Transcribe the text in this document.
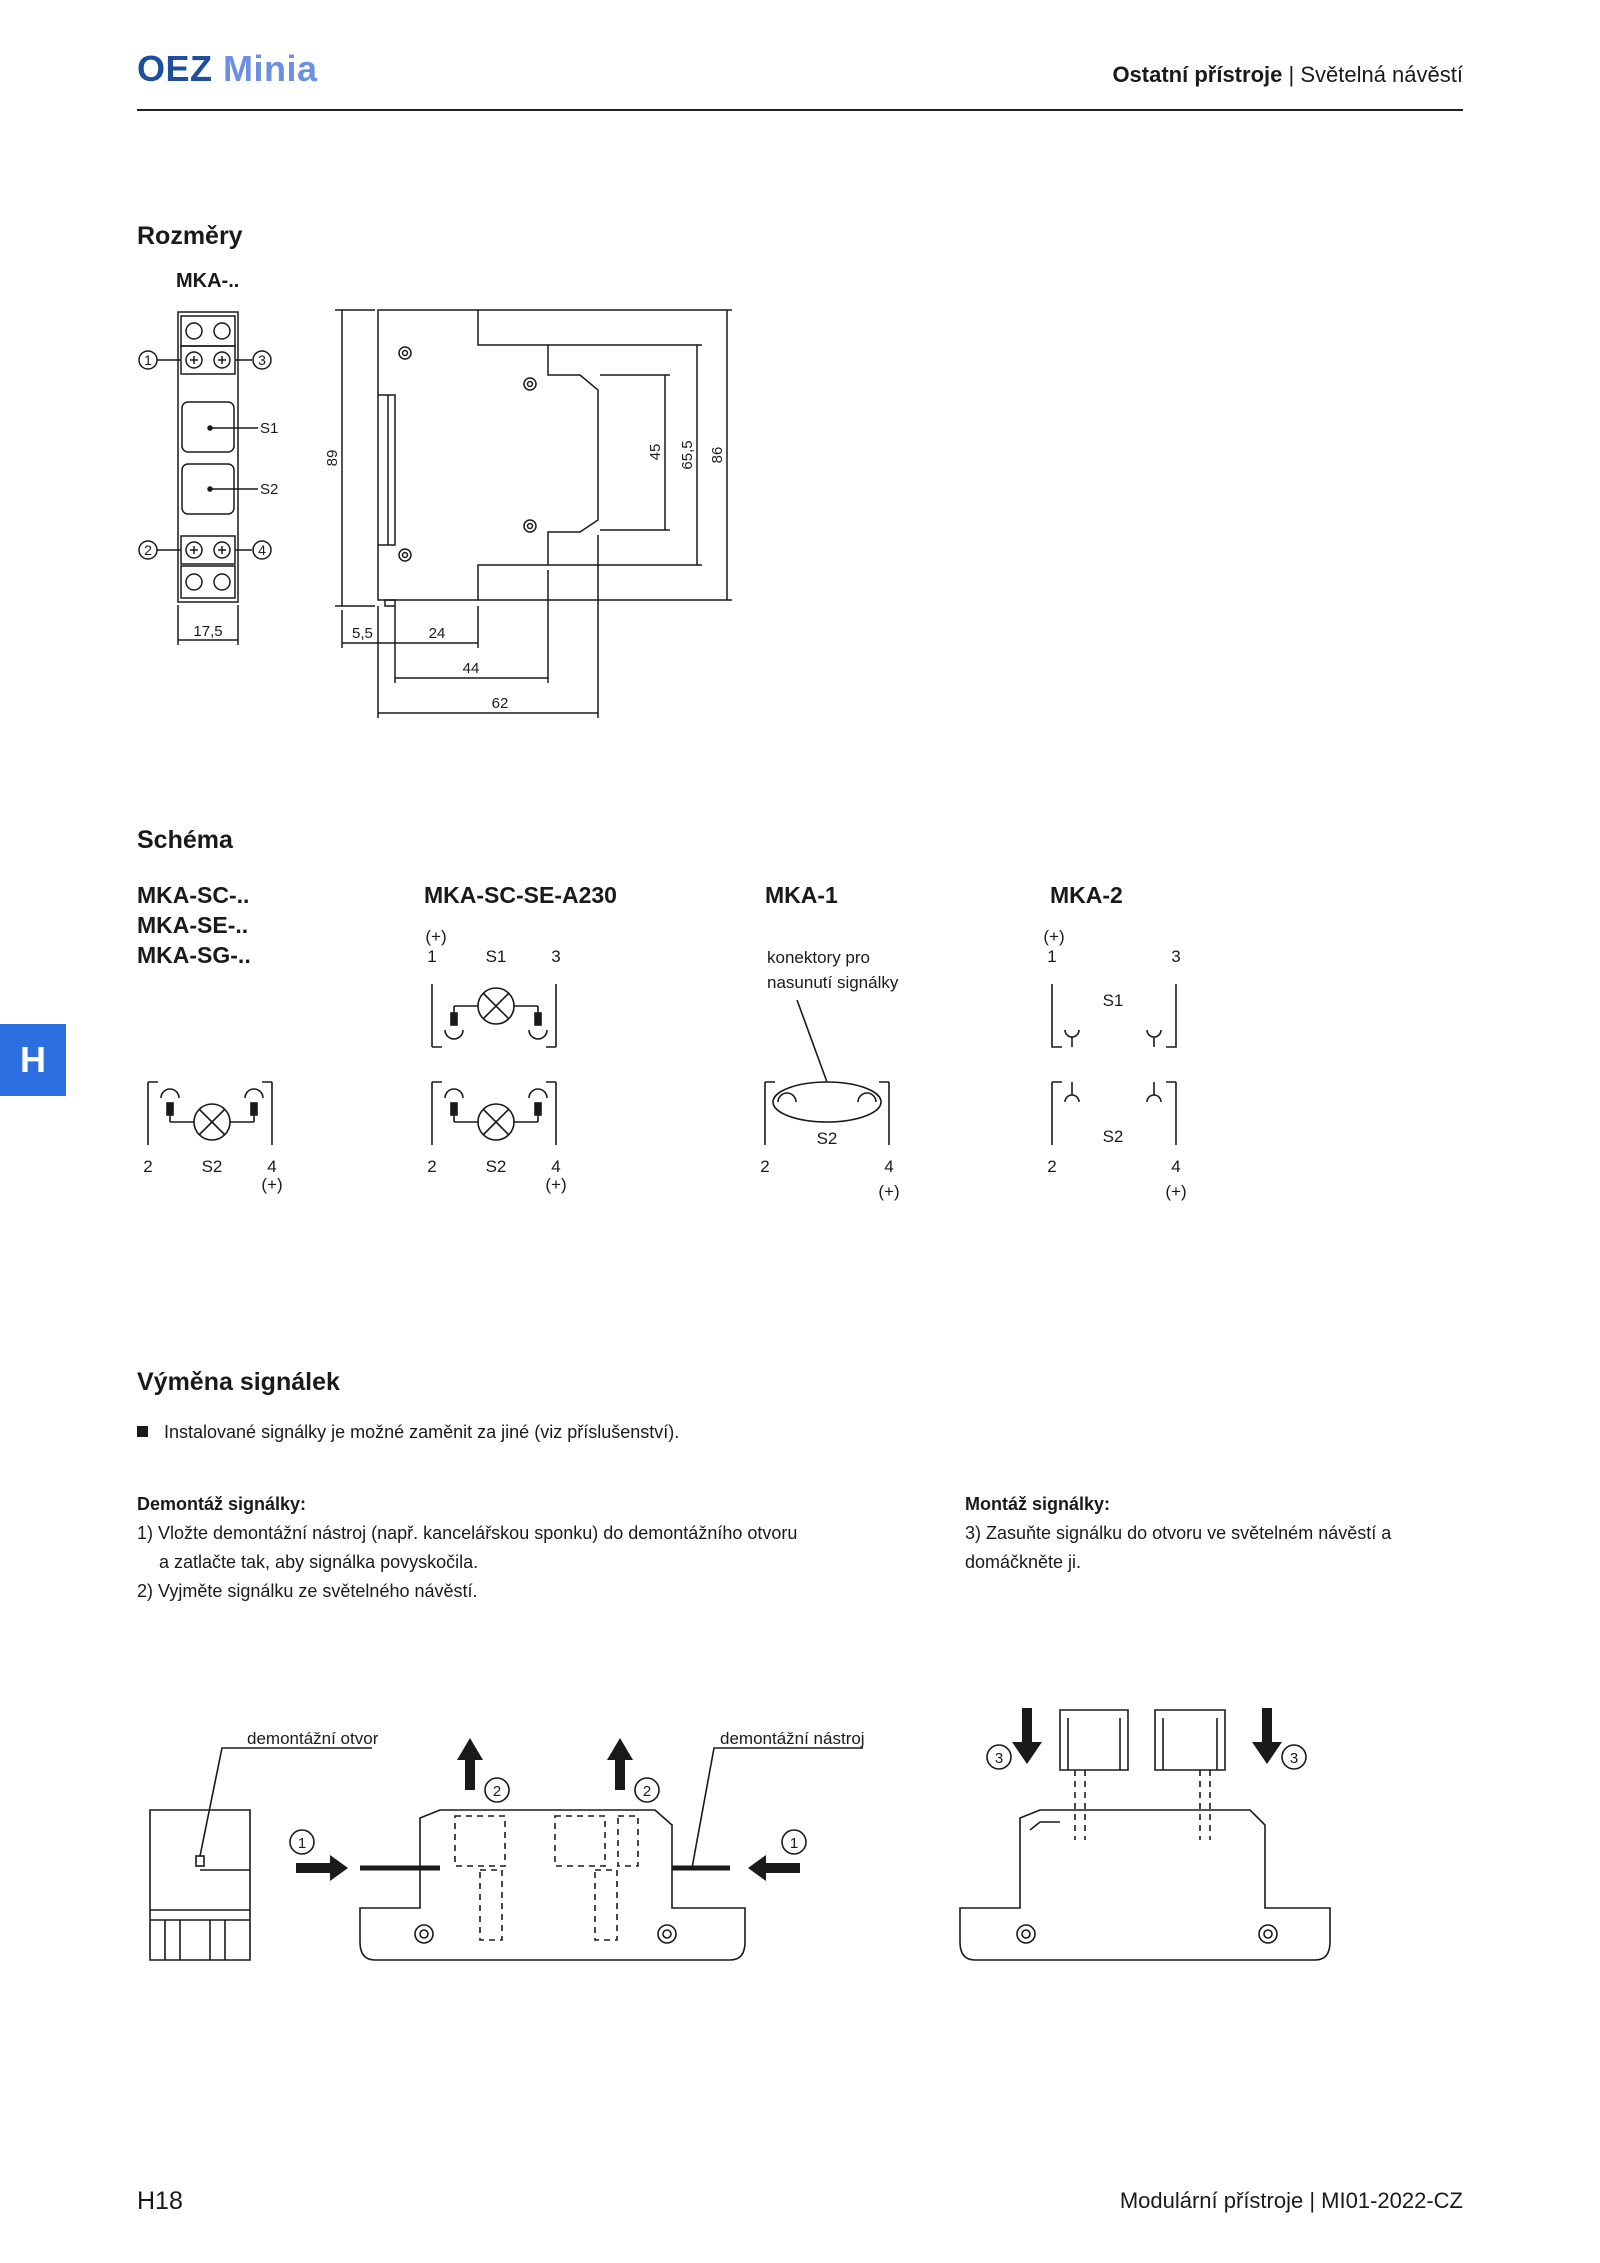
OEZ Minia	Ostatní přístroje | Světelná návěstí
H
Rozměry
MKA-..
1	3
2	4
S1
S2
17,5
89	45 65,5 86
5,5	24
44
62
Schéma
MKA-SC-..
MKA-SE-..
MKA-SG-..
MKA-SC-SE-A230	MKA-1	MKA-2
2	S2	4
(+)
(+)
1	S1	3
2	S2	4
(+)
konektory pro
nasunutí signálky
S2
2	4
(+)
(+)
1	3
S1
S2
2	4
(+)
Výměna signálek
Instalované signálky je možné zaměnit za jiné (viz příslušenství).
Demontáž signálky:
1) Vložte demontážní nástroj (např. kancelářskou sponku) do demontážního otvoru
a zatlačte tak, aby signálka povyskočila.
2) Vyjměte signálku ze světelného návěstí.
Montáž signálky:
3) Zasuňte signálku do otvoru ve světelném návěstí a domáčkněte ji.
demontážní otvor	demontážní nástroj
1	1
2	2
3	3
H18	Modulární přístroje | MI01-2022-CZ
